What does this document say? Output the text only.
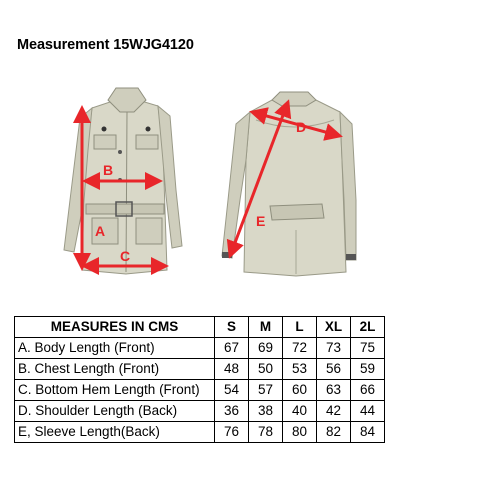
Measurement 15WJG4120
B
A
C
D
E
MEASURES IN CMS	S	M	L	XL	2L
A. Body Length (Front)	67	69	72	73	75
B. Chest Length (Front)	48	50	53	56	59
C. Bottom Hem Length (Front)	54	57	60	63	66
D. Shoulder Length (Back)	36	38	40	42	44
E, Sleeve Length(Back)	76	78	80	82	84
